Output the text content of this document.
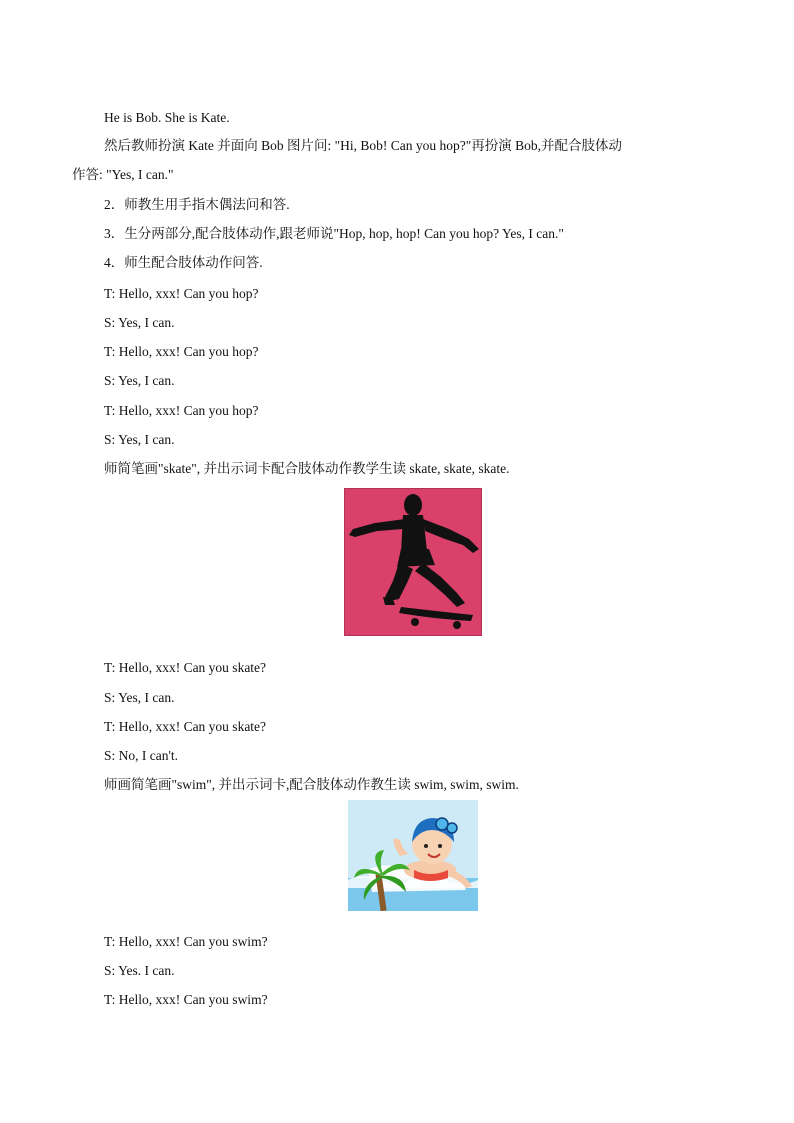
He is Bob. She is Kate.
然后教师扮演 Kate 并面向 Bob 图片问: "Hi, Bob! Can you hop?"再扮演 Bob,并配合肢体动
作答: "Yes, I can."
2．师教生用手指木偶法问和答.
3．生分两部分,配合肢体动作,跟老师说"Hop, hop, hop! Can you hop? Yes, I can."
4．师生配合肢体动作问答.
T: Hello, xxx! Can you hop?
S: Yes, I can.
T: Hello, xxx! Can you hop?
S: Yes, I can.
T: Hello, xxx! Can you hop?
S: Yes, I can.
师简笔画"skate", 并出示词卡配合肢体动作教学生读 skate, skate, skate.
T: Hello, xxx! Can you skate?
S: Yes, I can.
T: Hello, xxx! Can you skate?
S: No, I can't.
师画简笔画"swim", 并出示词卡,配合肢体动作教生读 swim, swim, swim.
T: Hello, xxx! Can you swim?
S: Yes. I can.
T: Hello, xxx! Can you swim?
